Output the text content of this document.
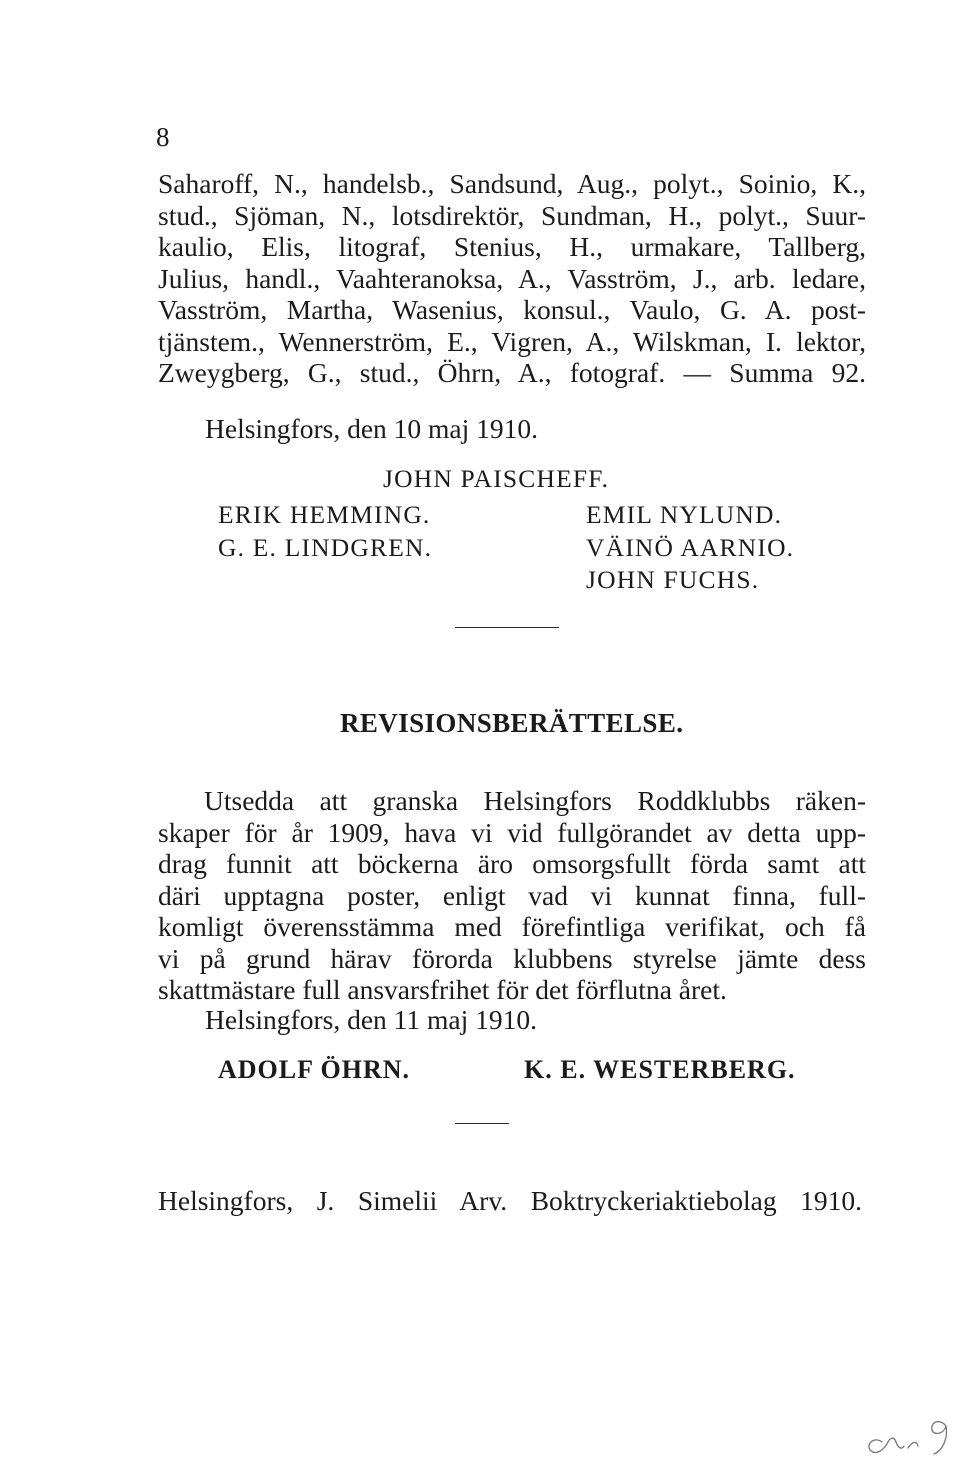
8
Saharoff, N., handelsb., Sandsund, Aug., polyt., Soinio, K.,
stud., Sjöman, N., lotsdirektör, Sundman, H., polyt., Suur-
kaulio, Elis, litograf, Stenius, H., urmakare, Tallberg,
Julius, handl., Vaahteranoksa, A., Vasström, J., arb. ledare,
Vasström, Martha, Wasenius, konsul., Vaulo, G. A. post-
tjänstem., Wennerström, E., Vigren, A., Wilskman, I. lektor,
Zweygberg, G., stud., Öhrn, A., fotograf. — Summa 92.
Helsingfors, den 10 maj 1910.
JOHN PAISCHEFF.
ERIK HEMMING.	EMIL NYLUND.
G. E. LINDGREN.	VÄINÖ AARNIO.
JOHN FUCHS.
REVISIONSBERÄTTELSE.
Utsedda att granska Helsingfors Roddklubbs räken-
skaper för år 1909, hava vi vid fullgörandet av detta upp-
drag funnit att böckerna äro omsorgsfullt förda samt att
däri upptagna poster, enligt vad vi kunnat finna, full-
komligt överensstämma med förefintliga verifikat, och få
vi på grund härav förorda klubbens styrelse jämte dess
skattmästare full ansvarsfrihet för det förflutna året.
Helsingfors, den 11 maj 1910.
ADOLF ÖHRN.	K. E. WESTERBERG.
Helsingfors, J. Simelii Arv. Boktryckeriaktiebolag 1910.
